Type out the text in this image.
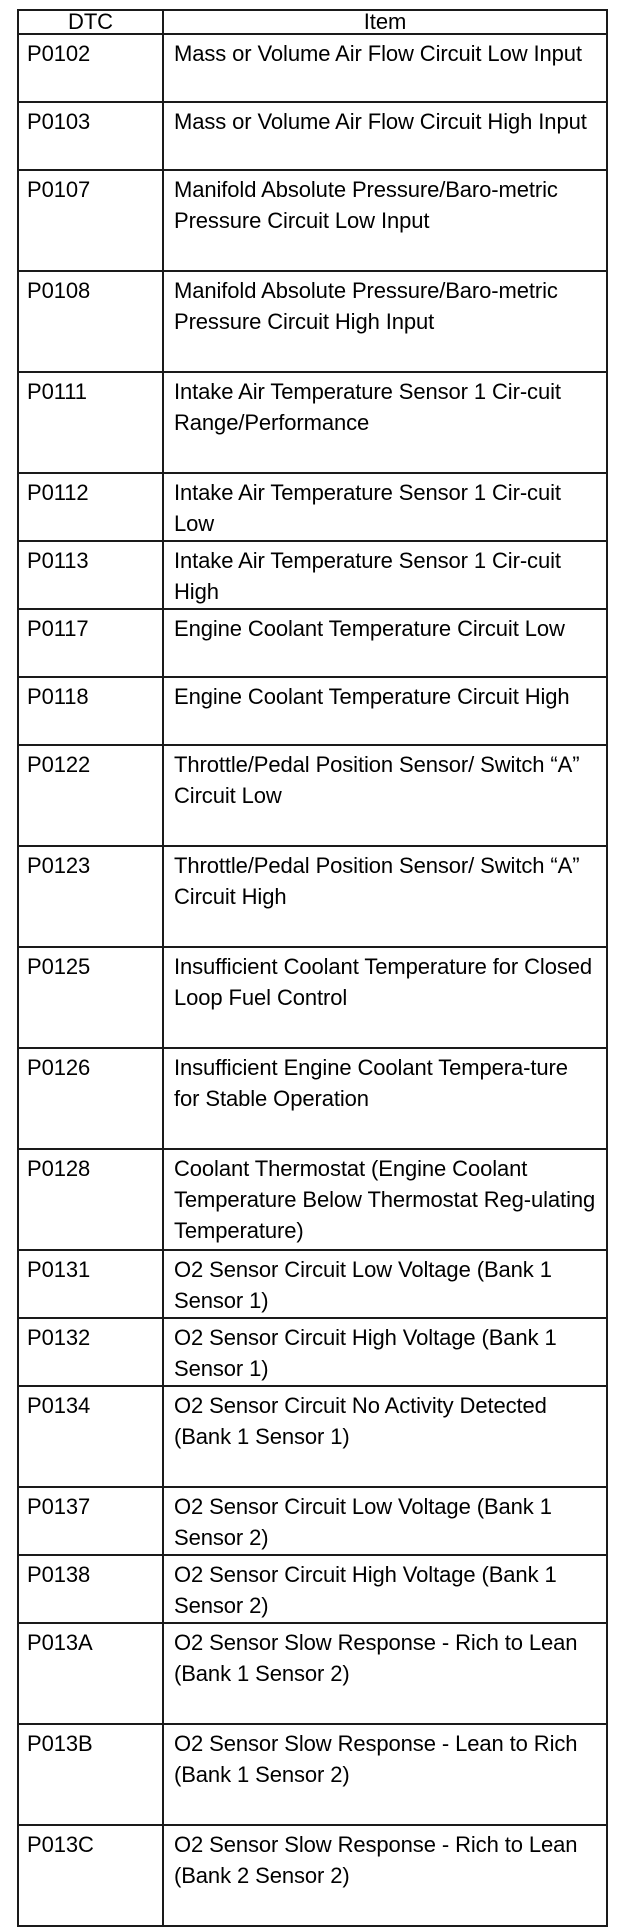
DTC	Item
P0102	Mass or Volume Air Flow Circuit Low Input
P0103	Mass or Volume Air Flow Circuit High Input
P0107	Manifold Absolute Pressure/Baro-metric Pressure Circuit Low Input
P0108	Manifold Absolute Pressure/Baro-metric Pressure Circuit High Input
P0111	Intake Air Temperature Sensor 1 Cir-cuit Range/Performance
P0112	Intake Air Temperature Sensor 1 Cir-cuit Low
P0113	Intake Air Temperature Sensor 1 Cir-cuit High
P0117	Engine Coolant Temperature Circuit Low
P0118	Engine Coolant Temperature Circuit High
P0122	Throttle/Pedal Position Sensor/ Switch “A” Circuit Low
P0123	Throttle/Pedal Position Sensor/ Switch “A” Circuit High
P0125	Insufficient Coolant Temperature for Closed Loop Fuel Control
P0126	Insufficient Engine Coolant Tempera-ture for Stable Operation
P0128	Coolant Thermostat (Engine Coolant Temperature Below Thermostat Reg-ulating Temperature)
P0131	O2 Sensor Circuit Low Voltage (Bank 1 Sensor 1)
P0132	O2 Sensor Circuit High Voltage (Bank 1 Sensor 1)
P0134	O2 Sensor Circuit No Activity Detected (Bank 1 Sensor 1)
P0137	O2 Sensor Circuit Low Voltage (Bank 1 Sensor 2)
P0138	O2 Sensor Circuit High Voltage (Bank 1 Sensor 2)
P013A	O2 Sensor Slow Response - Rich to Lean (Bank 1 Sensor 2)
P013B	O2 Sensor Slow Response - Lean to Rich (Bank 1 Sensor 2)
P013C	O2 Sensor Slow Response - Rich to Lean (Bank 2 Sensor 2)
